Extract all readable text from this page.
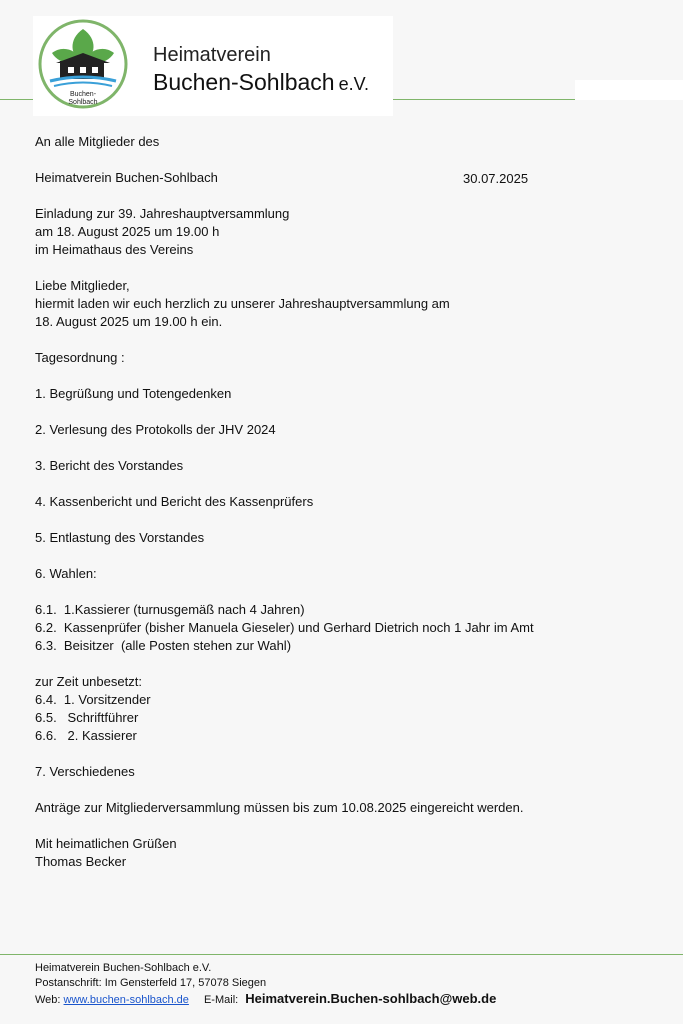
Buchen-
Sohlbach
Heimatverein
Buchen-Sohlbach e.V.
An alle Mitglieder des
Heimatverein Buchen-Sohlbach	30.07.2025
Einladung zur 39. Jahreshauptversammlung
am 18. August 2025 um 19.00 h
im Heimathaus des Vereins
Liebe Mitglieder,
hiermit laden wir euch herzlich zu unserer Jahreshauptversammlung am
18. August 2025 um 19.00 h ein.
Tagesordnung :
1. Begrüßung und Totengedenken
2. Verlesung des Protokolls der JHV 2024
3. Bericht des Vorstandes
4. Kassenbericht und Bericht des Kassenprüfers
5. Entlastung des Vorstandes
6. Wahlen:
6.1.  1.Kassierer (turnusgemäß nach 4 Jahren)
6.2.  Kassenprüfer (bisher Manuela Gieseler) und Gerhard Dietrich noch 1 Jahr im Amt
6.3.  Beisitzer  (alle Posten stehen zur Wahl)
zur Zeit unbesetzt:
6.4.  1. Vorsitzender
6.5.   Schriftführer
6.6.   2. Kassierer
7. Verschiedenes
Anträge zur Mitgliederversammlung müssen bis zum 10.08.2025 eingereicht werden.
Mit heimatlichen Grüßen
Thomas Becker
Heimatverein Buchen-Sohlbach e.V.
Postanschrift: Im Gensterfeld 17, 57078 Siegen
Web: www.buchen-sohlbach.de E-Mail: Heimatverein.Buchen-sohlbach@web.de
